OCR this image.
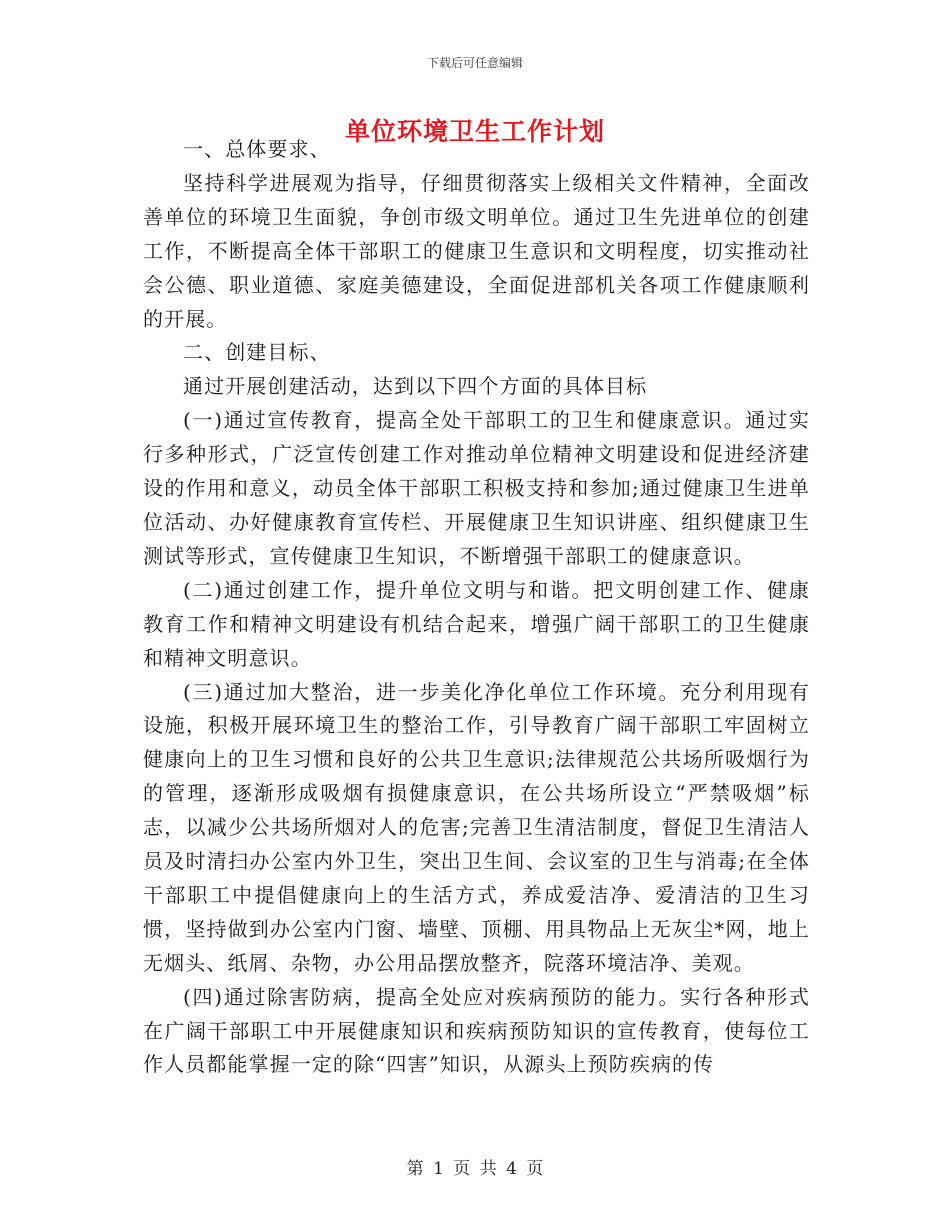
下载后可任意编辑
单位环境卫生工作计划

一、总体要求、

坚持科学进展观为指导，仔细贯彻落实上级相关文件精神，全面改善单位的环境卫生面貌，争创市级文明单位。通过卫生先进单位的创建工作，不断提高全体干部职工的健康卫生意识和文明程度，切实推动社会公德、职业道德、家庭美德建设，全面促进部机关各项工作健康顺利的开展。

二、创建目标、

通过开展创建活动，达到以下四个方面的具体目标

(一)通过宣传教育，提高全处干部职工的卫生和健康意识。通过实行多种形式，广泛宣传创建工作对推动单位精神文明建设和促进经济建设的作用和意义，动员全体干部职工积极支持和参加;通过健康卫生进单位活动、办好健康教育宣传栏、开展健康卫生知识讲座、组织健康卫生测试等形式，宣传健康卫生知识，不断增强干部职工的健康意识。

(二)通过创建工作，提升单位文明与和谐。把文明创建工作、健康教育工作和精神文明建设有机结合起来，增强广阔干部职工的卫生健康和精神文明意识。

(三)通过加大整治，进一步美化净化单位工作环境。充分利用现有设施，积极开展环境卫生的整治工作，引导教育广阔干部职工牢固树立健康向上的卫生习惯和良好的公共卫生意识;法律规范公共场所吸烟行为的管理，逐渐形成吸烟有损健康意识，在公共场所设立“严禁吸烟”标志，以减少公共场所烟对人的危害;完善卫生清洁制度，督促卫生清洁人员及时清扫办公室内外卫生，突出卫生间、会议室的卫生与消毒;在全体干部职工中提倡健康向上的生活方式，养成爱洁净、爱清洁的卫生习惯，坚持做到办公室内门窗、墙壁、顶棚、用具物品上无灰尘*网，地上无烟头、纸屑、杂物，办公用品摆放整齐，院落环境洁净、美观。

(四)通过除害防病，提高全处应对疾病预防的能力。实行各种形式在广阔干部职工中开展健康知识和疾病预防知识的宣传教育，使每位工作人员都能掌握一定的除“四害”知识，从源头上预防疾病的传

第 1 页 共 4 页
